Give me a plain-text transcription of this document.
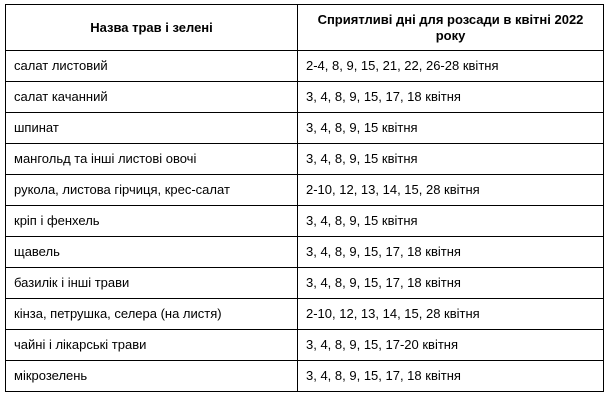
Назва трав і зелені	Сприятливі дні для розсади в квітні 2022 року
салат листовий	2-4, 8, 9, 15, 21, 22, 26-28 квітня
салат качанний	3, 4, 8, 9, 15, 17, 18 квітня
шпинат	3, 4, 8, 9, 15 квітня
мангольд та інші листові овочі	3, 4, 8, 9, 15 квітня
рукола, листова гірчиця, крес-салат	2-10, 12, 13, 14, 15, 28 квітня
кріп і фенхель	3, 4, 8, 9, 15 квітня
щавель	3, 4, 8, 9, 15, 17, 18 квітня
базилік і інші трави	3, 4, 8, 9, 15, 17, 18 квітня
кінза, петрушка, селера (на листя)	2-10, 12, 13, 14, 15, 28 квітня
чайні і лікарські трави	3, 4, 8, 9, 15, 17-20 квітня
мікрозелень	3, 4, 8, 9, 15, 17, 18 квітня
